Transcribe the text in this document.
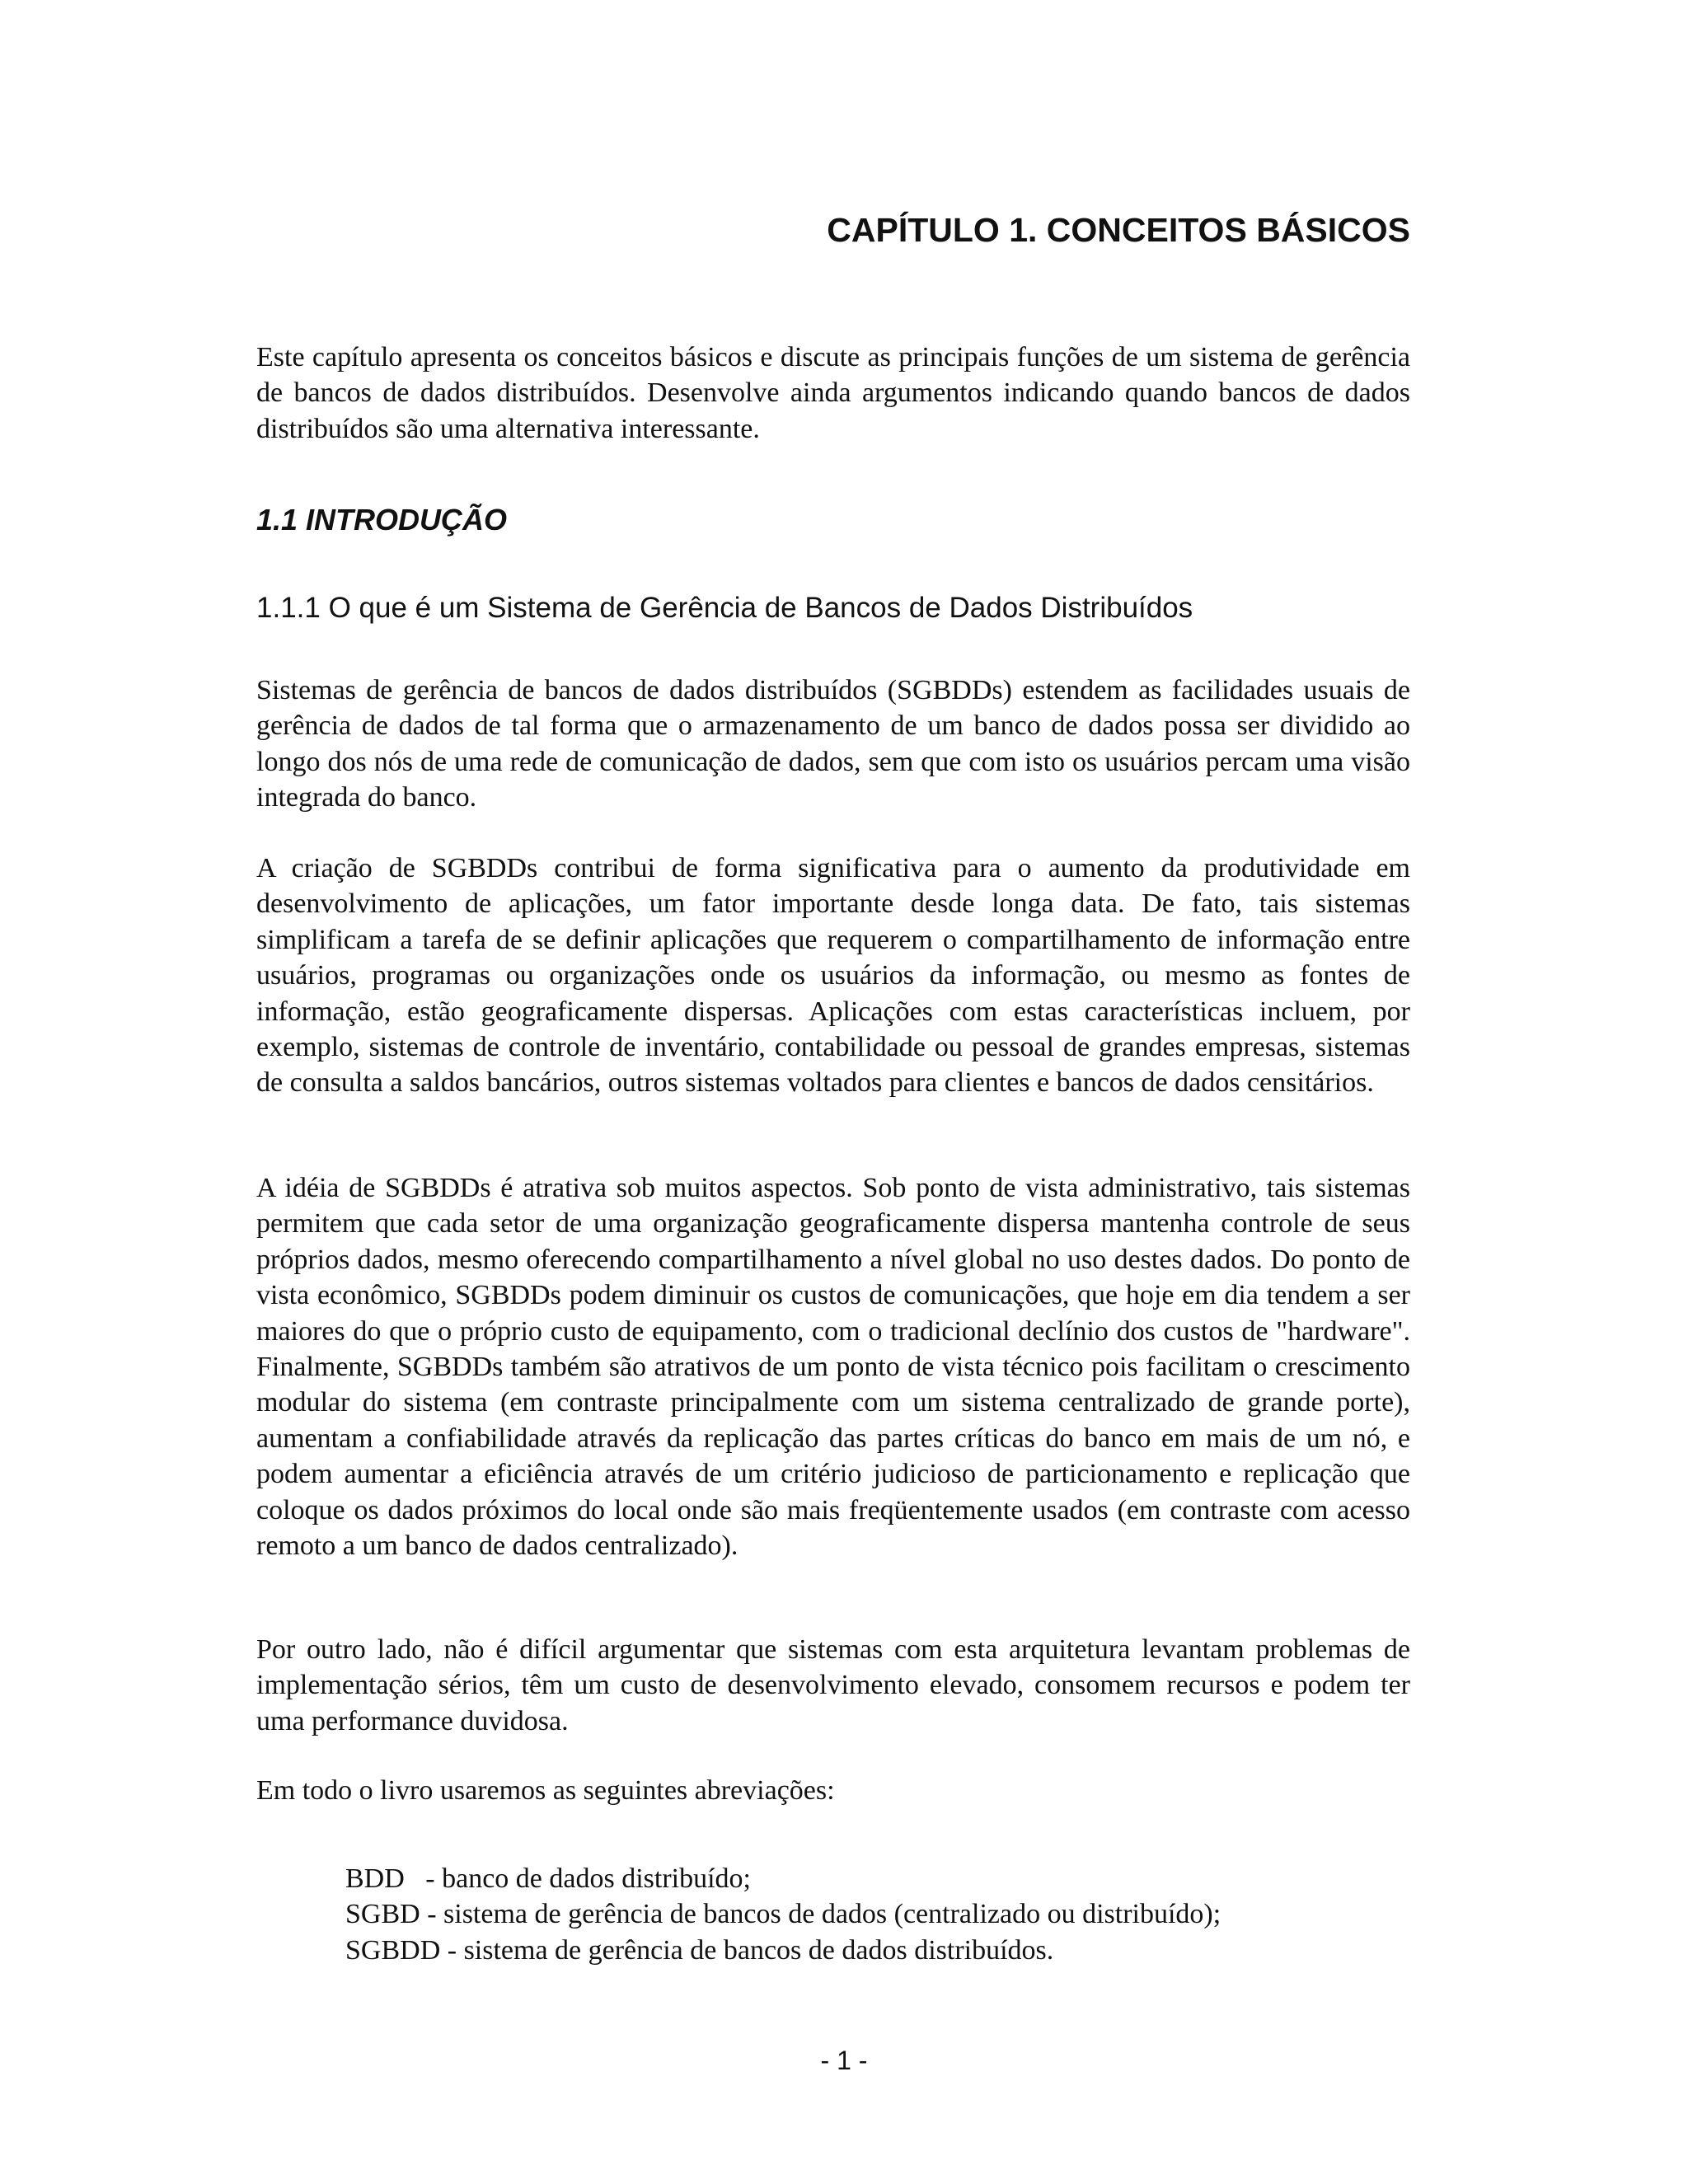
CAPÍTULO 1. CONCEITOS BÁSICOS

Este capítulo apresenta os conceitos básicos e discute as principais funções de um sistema de gerência de bancos de dados distribuídos. Desenvolve ainda argumentos indicando quando bancos de dados distribuídos são uma alternativa interessante.

1.1 INTRODUÇÃO
1.1.1 O que é um Sistema de Gerência de Bancos de Dados Distribuídos

Sistemas de gerência de bancos de dados distribuídos (SGBDDs) estendem as facilidades usuais de gerência de dados de tal forma que o armazenamento de um banco de dados possa ser dividido ao longo dos nós de uma rede de comunicação de dados, sem que com isto os usuários percam uma visão integrada do banco.

A criação de SGBDDs contribui de forma significativa para o aumento da produtividade em desenvolvimento de aplicações, um fator importante desde longa data. De fato, tais sistemas simplificam a tarefa de se definir aplicações que requerem o compartilhamento de informação entre usuários, programas ou organizações onde os usuários da informação, ou mesmo as fontes de informação, estão geograficamente dispersas. Aplicações com estas características incluem, por exemplo, sistemas de controle de inventário, contabilidade ou pessoal de grandes empresas, sistemas de consulta a saldos bancários, outros sistemas voltados para clientes e bancos de dados censitários.

A idéia de SGBDDs é atrativa sob muitos aspectos. Sob ponto de vista administrativo, tais sistemas permitem que cada setor de uma organização geograficamente dispersa mantenha controle de seus próprios dados, mesmo oferecendo compartilhamento a nível global no uso destes dados. Do ponto de vista econômico, SGBDDs podem diminuir os custos de comunicações, que hoje em dia tendem a ser maiores do que o próprio custo de equipamento, com o tradicional declínio dos custos de "hardware". Finalmente, SGBDDs também são atrativos de um ponto de vista técnico pois facilitam o crescimento modular do sistema (em contraste principalmente com um sistema centralizado de grande porte), aumentam a confiabilidade através da replicação das partes críticas do banco em mais de um nó, e podem aumentar a eficiência através de um critério judicioso de particionamento e replicação que coloque os dados próximos do local onde são mais freqüentemente usados (em contraste com acesso remoto a um banco de dados centralizado).

Por outro lado, não é difícil argumentar que sistemas com esta arquitetura levantam problemas de implementação sérios, têm um custo de desenvolvimento elevado, consomem recursos e podem ter uma performance duvidosa.

Em todo o livro usaremos as seguintes abreviações:

BDD   - banco de dados distribuído;
SGBD - sistema de gerência de bancos de dados (centralizado ou distribuído);
SGBDD - sistema de gerência de bancos de dados distribuídos.
- 1 -
